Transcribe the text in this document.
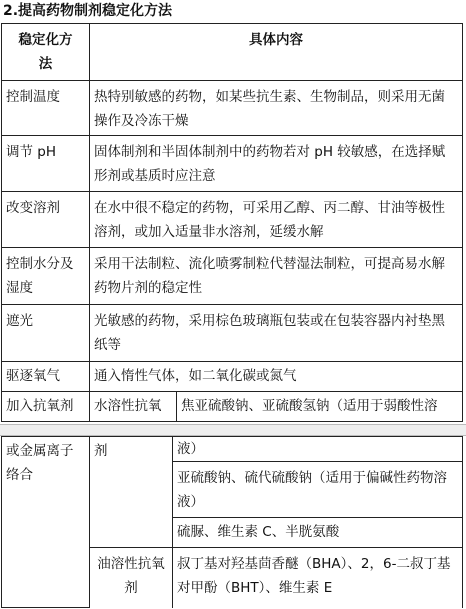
2.提高药物制剂稳定化方法
稳定化方
法	具体内容
控制温度	热特别敏感的药物，如某些抗生素、生物制品，则采用无菌操作及冷冻干燥
调节 pH	固体制剂和半固体制剂中的药物若对 pH 较敏感，在选择赋形剂或基质时应注意
改变溶剂	在水中很不稳定的药物，可采用乙醇、丙二醇、甘油等极性溶剂，或加入适量非水溶剂，延缓水解
控制水分及湿度	采用干法制粒、流化喷雾制粒代替湿法制粒，可提高易水解药物片剂的稳定性
遮光	光敏感的药物，采用棕色玻璃瓶包装或在包装容器内衬垫黑纸等
驱逐氧气	通入惰性气体，如二氧化碳或氮气
加入抗氧剂	水溶性抗氧 焦亚硫酸钠、亚硫酸氢钠（适用于弱酸性溶
或金属离子络合	剂	液）
		亚硫酸钠、硫代硫酸钠（适用于偏碱性药物溶液）
		硫脲、维生素 C、半胱氨酸
	油溶性抗氧剂	叔丁基对羟基茴香醚（BHA）、2，6-二叔丁基对甲酚（BHT）、维生素 E
